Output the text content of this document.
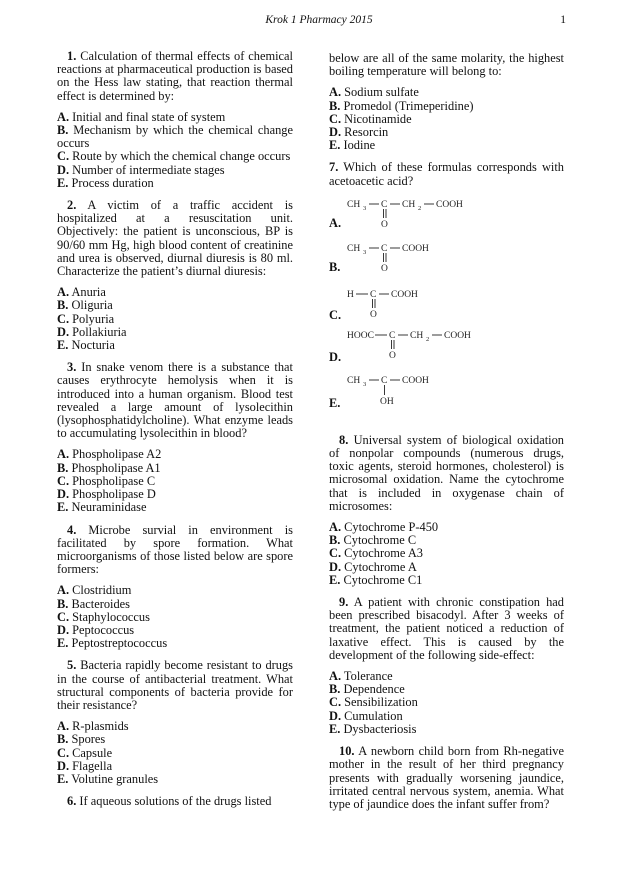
Krok 1 Pharmacy 2015	1

1. Calculation of thermal effects of chemical reactions at pharmaceutical production is based on the Hess law stating, that reaction thermal effect is determined by:

A. Initial and final state of system

B. Mechanism by which the chemical change occurs

C. Route by which the chemical change occurs

D. Number of intermediate stages

E. Process duration

2. A victim of a traffic accident is hospitalized at a resuscitation unit. Objectively: the patient is unconscious, BP is 90/60 mm Hg, high blood content of creatinine and urea is observed, diurnal diuresis is 80 ml. Characterize the patient’s diurnal diuresis:

A. Anuria

B. Oliguria

C. Polyuria

D. Pollakiuria

E. Nocturia

3. In snake venom there is a substance that causes erythrocyte hemolysis when it is introduced into a human organism. Blood test revealed a large amount of lysolecithin (lysophosphatidylcholine). What enzyme leads to accumulating lysolecithin in blood?

A. Phospholipase A2

B. Phospholipase A1

C. Phospholipase C

D. Phospholipase D

E. Neuraminidase

4. Microbe survial in environment is facilitated by spore formation. What microorganisms of those listed below are spore formers:

A. Clostridium

B. Bacteroides

C. Staphylococcus

D. Peptococcus

E. Peptostreptococcus

5. Bacteria rapidly become resistant to drugs in the course of antibacterial treatment. What structural components of bacteria provide for their resistance?

A. R-plasmids

B. Spores

C. Capsule

D. Flagella

E. Volutine granules

6. If aqueous solutions of the drugs listed

below are all of the same molarity, the highest boiling temperature will belong to:

A. Sodium sulfate

B. Promedol (Trimeperidine)

C. Nicotinamide

D. Resorcin

E. Iodine

7. Which of these formulas corresponds with acetoacetic acid?

A.
CH 3 C CH 2 COOH
O
B.
CH 3 C COOH
O
C.
H C COOH
O
D.
HOOC C CH 2 COOH
O
E.
CH 3 C COOH
OH

8. Universal system of biological oxidation of nonpolar compounds (numerous drugs, toxic agents, steroid hormones, cholesterol) is microsomal oxidation. Name the cytochrome that is included in oxygenase chain of microsomes:

A. Cytochrome P-450

B. Cytochrome C

C. Cytochrome A3

D. Cytochrome A

E. Cytochrome C1

9. A patient with chronic constipation had been prescribed bisacodyl. After 3 weeks of treatment, the patient noticed a reduction of laxative effect. This is caused by the development of the following side-effect:

A. Tolerance

B. Dependence

C. Sensibilization

D. Cumulation

E. Dysbacteriosis

10. A newborn child born from Rh-negative mother in the result of her third pregnancy presents with gradually worsening jaundice, irritated central nervous system, anemia. What type of jaundice does the infant suffer from?
